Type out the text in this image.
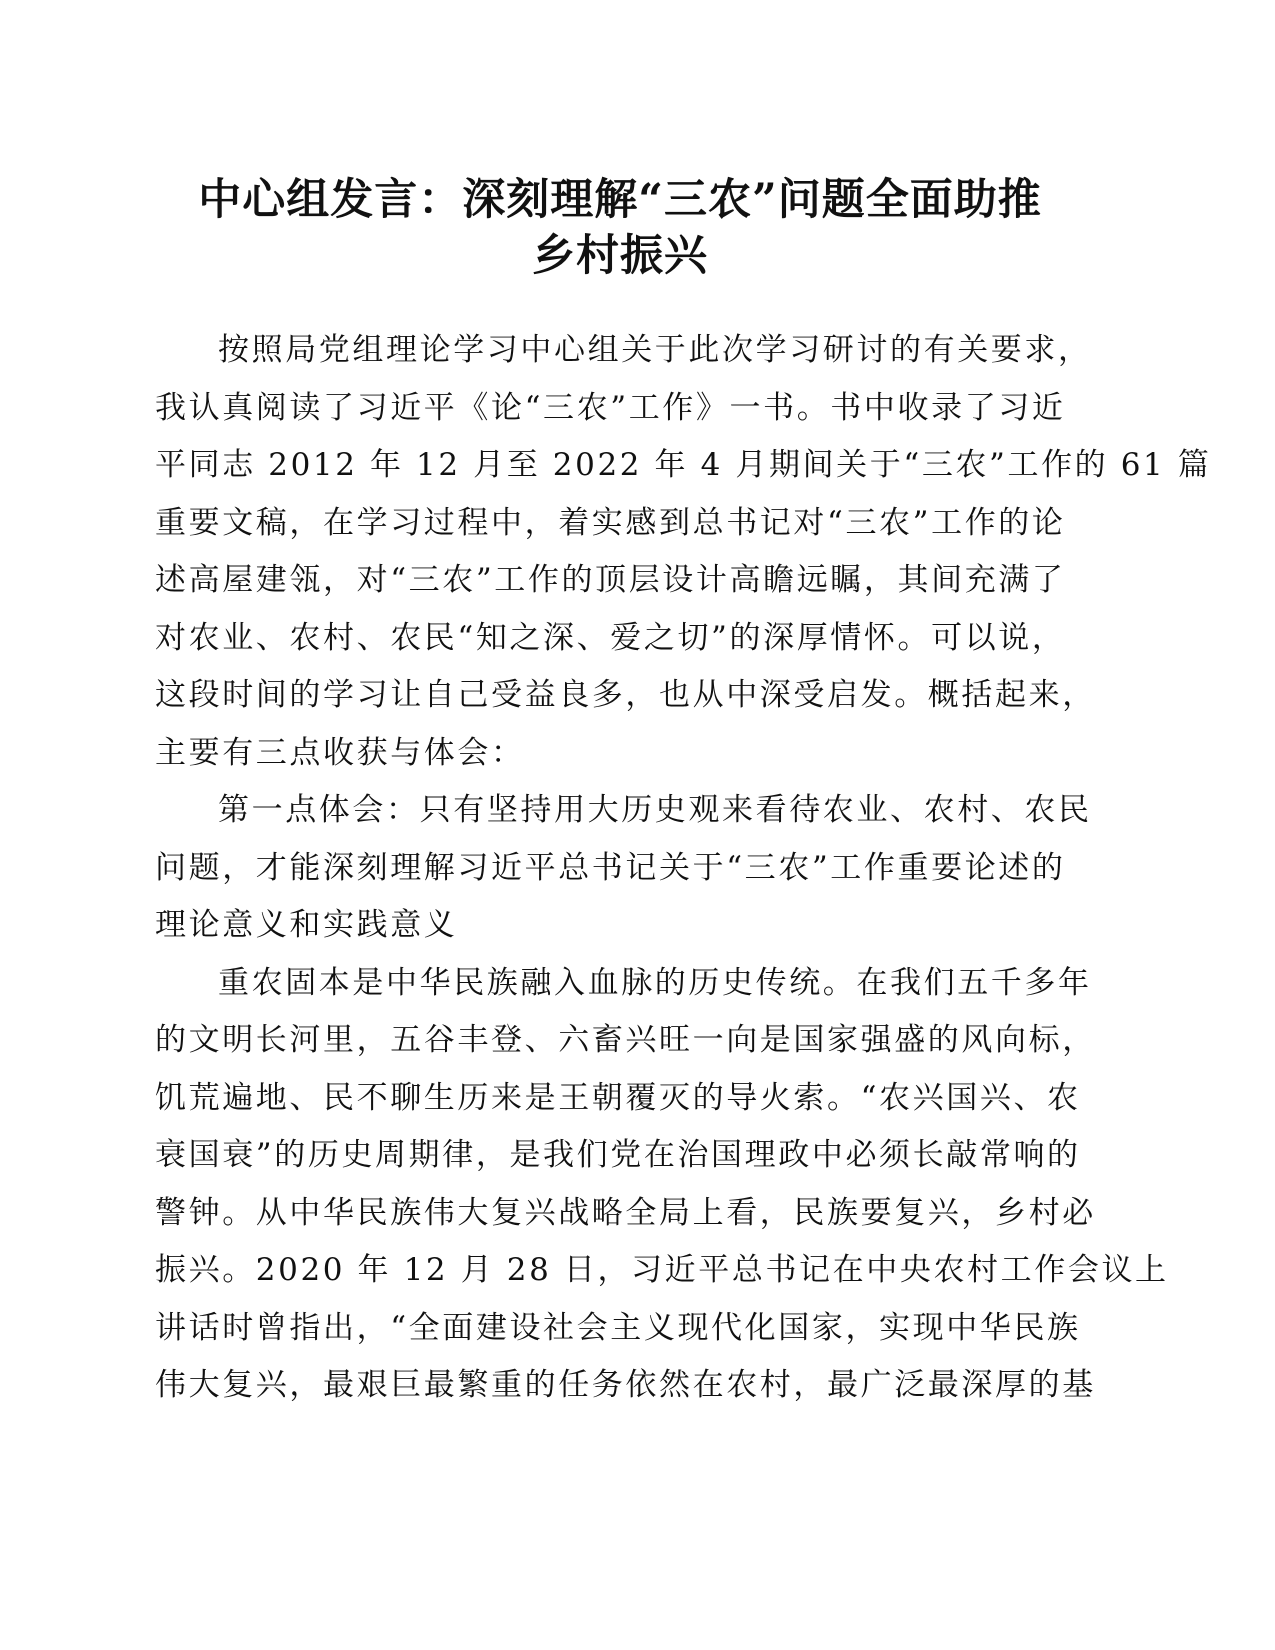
中心组发言：深刻理解“三农”问题全面助推
乡村振兴
按照局党组理论学习中心组关于此次学习研讨的有关要求，
我认真阅读了习近平《论“三农”工作》一书。书中收录了习近
平同志 2012 年 12 月至 2022 年 4 月期间关于“三农”工作的 61 篇
重要文稿，在学习过程中，着实感到总书记对“三农”工作的论
述高屋建瓴，对“三农”工作的顶层设计高瞻远瞩，其间充满了
对农业、农村、农民“知之深、爱之切”的深厚情怀。可以说，
这段时间的学习让自己受益良多，也从中深受启发。概括起来，
主要有三点收获与体会：
第一点体会：只有坚持用大历史观来看待农业、农村、农民
问题，才能深刻理解习近平总书记关于“三农”工作重要论述的
理论意义和实践意义
重农固本是中华民族融入血脉的历史传统。在我们五千多年
的文明长河里，五谷丰登、六畜兴旺一向是国家强盛的风向标，
饥荒遍地、民不聊生历来是王朝覆灭的导火索。“农兴国兴、农
衰国衰”的历史周期律，是我们党在治国理政中必须长敲常响的
警钟。从中华民族伟大复兴战略全局上看，民族要复兴，乡村必
振兴。2020 年 12 月 28 日，习近平总书记在中央农村工作会议上
讲话时曾指出，“全面建设社会主义现代化国家，实现中华民族
伟大复兴，最艰巨最繁重的任务依然在农村，最广泛最深厚的基
